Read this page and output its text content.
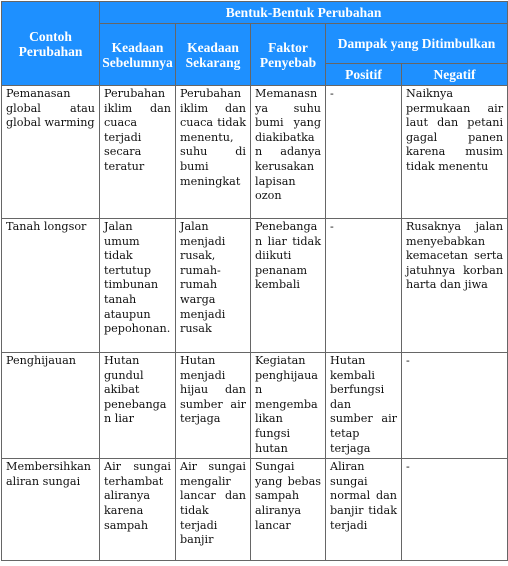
Contoh Perubahan	Bentuk-Bentuk Perubahan				
	Keadaan Sebelumnya	Keadaan Sekarang	Faktor Penyebab	Dampak yang Ditimbulkan	
				Positif	Negatif
Pemanasan global atau global warming	Perubahan iklim dan cuaca terjadi secara teratur	Perubahan iklim dan cuaca tidak menentu, suhu di bumi meningkat	Memanasnya suhu bumi yang diakibatkan adanya kerusakan lapisan ozon	-	Naiknya permukaan air laut dan petani gagal panen karena musim tidak menentu
Tanah longsor	Jalan umum tidak tertutup timbunan tanah ataupun pepohonan.	Jalan menjadi rusak, rumah-rumah warga menjadi rusak	Penebangan liar tidak diikuti penanam kembali	-	Rusaknya jalan menyebabkan kemacetan serta jatuhnya korban harta dan jiwa
Penghijauan	Hutan gundul akibat penebangan liar	Hutan menjadi hijau dan sumber air terjaga	Kegiatan penghijauan mengembalikan fungsi hutan	Hutan kembali berfungsi dan sumber air tetap terjaga	-
Membersihkan aliran sungai	Air sungai terhambat aliranya karena sampah	Air sungai mengalir lancar dan tidak terjadi banjir	Sungai yang bebas sampah aliranya lancar	Aliran sungai normal dan banjir tidak terjadi	-
